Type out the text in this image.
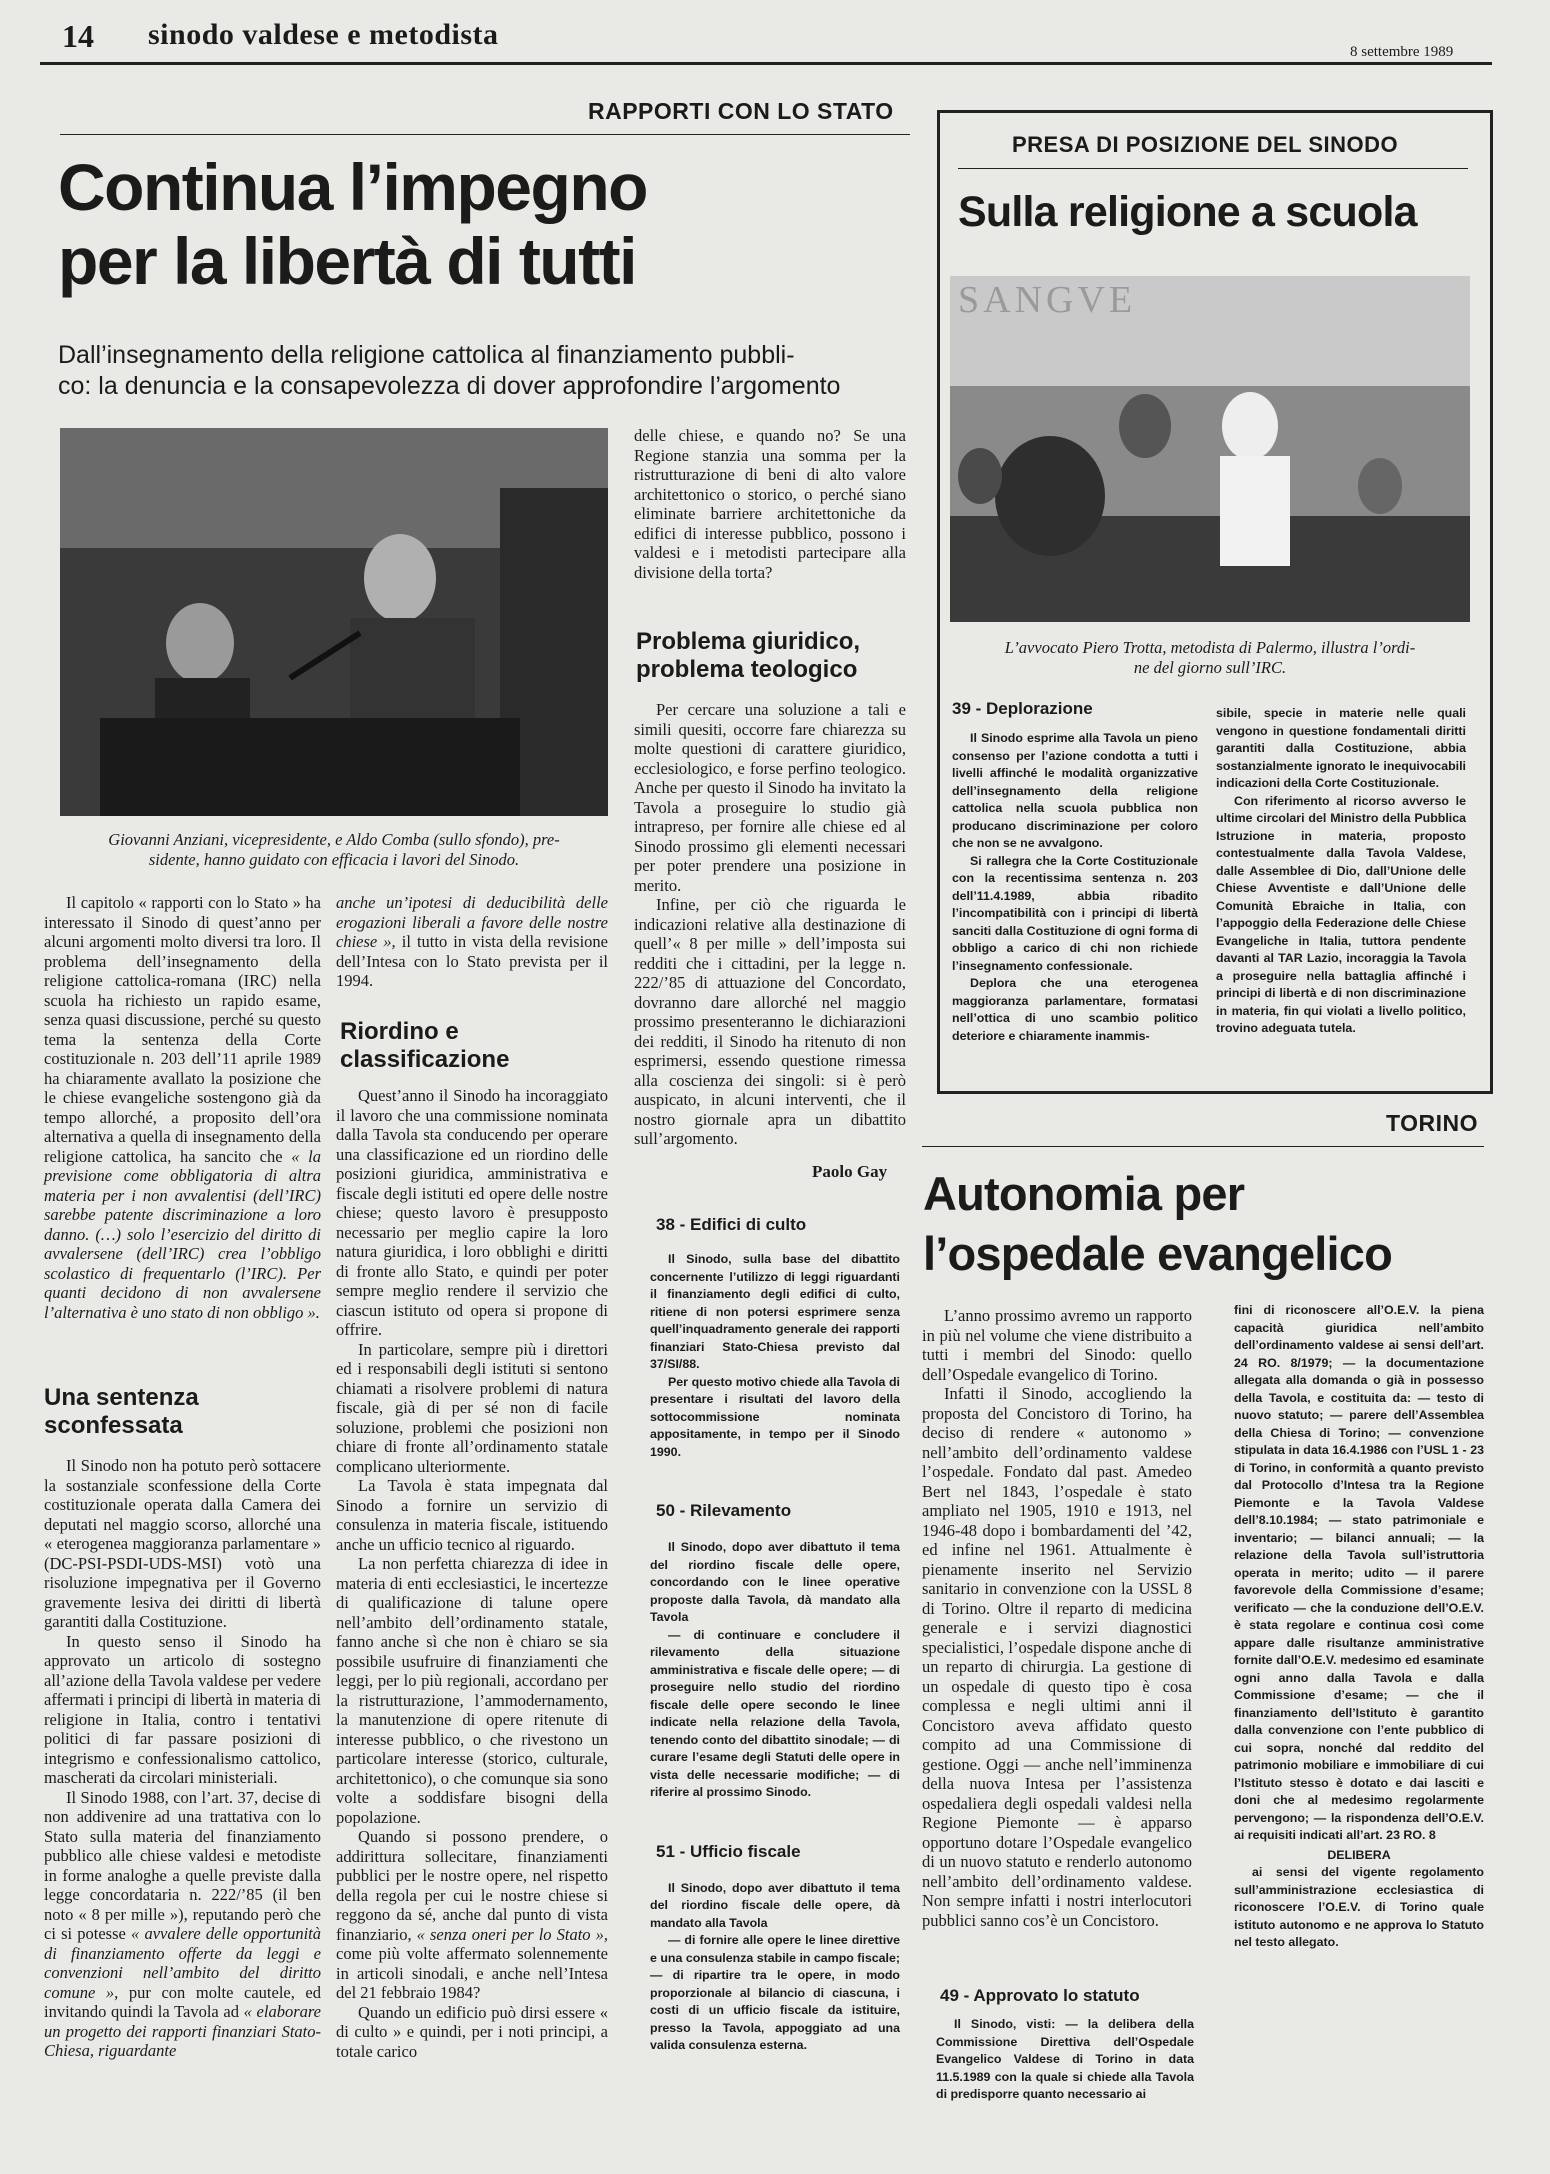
14 sinodo valdese e metodista
8 settembre 1989
RAPPORTI CON LO STATO
Continua l’impegno
per la libertà di tutti
Dall’insegnamento della religione cattolica al finanziamento pubbli-
co: la denuncia e la consapevolezza di dover approfondire l’argomento
Giovanni Anziani, vicepresidente, e Aldo Comba (sullo sfondo), pre-
sidente, hanno guidato con efficacia i lavori del Sinodo.

Il capitolo « rapporti con lo Stato » ha interessato il Sinodo di quest’anno per alcuni argomenti molto diversi tra loro. Il problema dell’insegnamento della religione cattolica-romana (IRC) nella scuola ha richiesto un rapido esame, senza quasi discussione, perché su questo tema la sentenza della Corte costituzionale n. 203 dell’11 aprile 1989 ha chiaramente avallato la posizione che le chiese evangeliche sostengono già da tempo allorché, a proposito dell’ora alternativa a quella di insegnamento della religione cattolica, ha sancito che « la previsione come obbligatoria di altra materia per i non avvalentisi (dell’IRC) sarebbe patente discriminazione a loro danno. (…) solo l’esercizio del diritto di avvalersene (dell’IRC) crea l’obbligo scolastico di frequentarlo (l’IRC). Per quanti decidono di non avvalersene l’alternativa è uno stato di non obbligo ».

Una sentenza sconfessata

Il Sinodo non ha potuto però sottacere la sostanziale sconfessione della Corte costituzionale operata dalla Camera dei deputati nel maggio scorso, allorché una « eterogenea maggioranza parlamentare » (DC-PSI-PSDI-UDS-MSI) votò una risoluzione impegnativa per il Governo gravemente lesiva dei diritti di libertà garantiti dalla Costituzione.

In questo senso il Sinodo ha approvato un articolo di sostegno all’azione della Tavola valdese per vedere affermati i principi di libertà in materia di religione in Italia, contro i tentativi politici di far passare posizioni di integrismo e confessionalismo cattolico, mascherati da circolari ministeriali.

Il Sinodo 1988, con l’art. 37, decise di non addivenire ad una trattativa con lo Stato sulla materia del finanziamento pubblico alle chiese valdesi e metodiste in forme analoghe a quelle previste dalla legge concordataria n. 222/’85 (il ben noto « 8 per mille »), reputando però che ci si potesse « avvalere delle opportunità di finanziamento offerte da leggi e convenzioni nell’ambito del diritto comune », pur con molte cautele, ed invitando quindi la Tavola ad « elaborare un progetto dei rapporti finanziari Stato-Chiesa, riguardante

anche un’ipotesi di deducibilità delle erogazioni liberali a favore delle nostre chiese », il tutto in vista della revisione dell’Intesa con lo Stato prevista per il 1994.

Riordino e classificazione

Quest’anno il Sinodo ha incoraggiato il lavoro che una commissione nominata dalla Tavola sta conducendo per operare una classificazione ed un riordino delle posizioni giuridica, amministrativa e fiscale degli istituti ed opere delle nostre chiese; questo lavoro è presupposto necessario per meglio capire la loro natura giuridica, i loro obblighi e diritti di fronte allo Stato, e quindi per poter sempre meglio rendere il servizio che ciascun istituto od opera si propone di offrire.

In particolare, sempre più i direttori ed i responsabili degli istituti si sentono chiamati a risolvere problemi di natura fiscale, già di per sé non di facile soluzione, problemi che posizioni non chiare di fronte all’ordinamento statale complicano ulteriormente.

La Tavola è stata impegnata dal Sinodo a fornire un servizio di consulenza in materia fiscale, istituendo anche un ufficio tecnico al riguardo.

La non perfetta chiarezza di idee in materia di enti ecclesiastici, le incertezze di qualificazione di talune opere nell’ambito dell’ordinamento statale, fanno anche sì che non è chiaro se sia possibile usufruire di finanziamenti che leggi, per lo più regionali, accordano per la ristrutturazione, l’ammodernamento, la manutenzione di opere ritenute di interesse pubblico, o che rivestono un particolare interesse (storico, culturale, architettonico), o che comunque sia sono volte a soddisfare bisogni della popolazione.

Quando si possono prendere, o addirittura sollecitare, finanziamenti pubblici per le nostre opere, nel rispetto della regola per cui le nostre chiese si reggono da sé, anche dal punto di vista finanziario, « senza oneri per lo Stato », come più volte affermato solennemente in articoli sinodali, e anche nell’Intesa del 21 febbraio 1984?

Quando un edificio può dirsi essere « di culto » e quindi, per i noti principi, a totale carico

delle chiese, e quando no? Se una Regione stanzia una somma per la ristrutturazione di beni di alto valore architettonico o storico, o perché siano eliminate barriere architettoniche da edifici di interesse pubblico, possono i valdesi e i metodisti partecipare alla divisione della torta?

Problema giuridico, problema teologico

Per cercare una soluzione a tali e simili quesiti, occorre fare chiarezza su molte questioni di carattere giuridico, ecclesiologico, e forse perfino teologico. Anche per questo il Sinodo ha invitato la Tavola a proseguire lo studio già intrapreso, per fornire alle chiese ed al Sinodo prossimo gli elementi necessari per poter prendere una posizione in merito.

Infine, per ciò che riguarda le indicazioni relative alla destinazione di quell’« 8 per mille » dell’imposta sui redditi che i cittadini, per la legge n. 222/’85 di attuazione del Concordato, dovranno dare allorché nel maggio prossimo presenteranno le dichiarazioni dei redditi, il Sinodo ha ritenuto di non esprimersi, essendo questione rimessa alla coscienza dei singoli: si è però auspicato, in alcuni interventi, che il nostro giornale apra un dibattito sull’argomento.

Paolo Gay
38 - Edifici di culto

Il Sinodo, sulla base del dibattito concernente l’utilizzo di leggi riguardanti il finanziamento degli edifici di culto, ritiene di non potersi esprimere senza quell’inquadramento generale dei rapporti finanziari Stato-Chiesa previsto dal 37/SI/88.

Per questo motivo chiede alla Tavola di presentare i risultati del lavoro della sottocommissione nominata appositamente, in tempo per il Sinodo 1990.

50 - Rilevamento

Il Sinodo, dopo aver dibattuto il tema del riordino fiscale delle opere, concordando con le linee operative proposte dalla Tavola, dà mandato alla Tavola

— di continuare e concludere il rilevamento della situazione amministrativa e fiscale delle opere; — di proseguire nello studio del riordino fiscale delle opere secondo le linee indicate nella relazione della Tavola, tenendo conto del dibattito sinodale; — di curare l’esame degli Statuti delle opere in vista delle necessarie modifiche; — di riferire al prossimo Sinodo.

51 - Ufficio fiscale

Il Sinodo, dopo aver dibattuto il tema del riordino fiscale delle opere, dà mandato alla Tavola

— di fornire alle opere le linee direttive e una consulenza stabile in campo fiscale; — di ripartire tra le opere, in modo proporzionale al bilancio di ciascuna, i costi di un ufficio fiscale da istituire, presso la Tavola, appoggiato ad una valida consulenza esterna.

PRESA DI POSIZIONE DEL SINODO
Sulla religione a scuola
SANGVE
L’avvocato Piero Trotta, metodista di Palermo, illustra l’ordi-
ne del giorno sull’IRC.
39 - Deplorazione

Il Sinodo esprime alla Tavola un pieno consenso per l’azione condotta a tutti i livelli affinché le modalità organizzative dell’insegnamento della religione cattolica nella scuola pubblica non producano discriminazione per coloro che non se ne avvalgono.

Si rallegra che la Corte Costituzionale con la recentissima sentenza n. 203 dell’11.4.1989, abbia ribadito l’incompatibilità con i principi di libertà sanciti dalla Costituzione di ogni forma di obbligo a carico di chi non richiede l’insegnamento confessionale.

Deplora che una eterogenea maggioranza parlamentare, formatasi nell’ottica di uno scambio politico deteriore e chiaramente inammis-

sibile, specie in materie nelle quali vengono in questione fondamentali diritti garantiti dalla Costituzione, abbia sostanzialmente ignorato le inequivocabili indicazioni della Corte Costituzionale.

Con riferimento al ricorso avverso le ultime circolari del Ministro della Pubblica Istruzione in materia, proposto contestualmente dalla Tavola Valdese, dalle Assemblee di Dio, dall’Unione delle Chiese Avventiste e dall’Unione delle Comunità Ebraiche in Italia, con l’appoggio della Federazione delle Chiese Evangeliche in Italia, tuttora pendente davanti al TAR Lazio, incoraggia la Tavola a proseguire nella battaglia affinché i principi di libertà e di non discriminazione in materia, fin qui violati a livello politico, trovino adeguata tutela.

TORINO
Autonomia per
l’ospedale evangelico

L’anno prossimo avremo un rapporto in più nel volume che viene distribuito a tutti i membri del Sinodo: quello dell’Ospedale evangelico di Torino.

Infatti il Sinodo, accogliendo la proposta del Concistoro di Torino, ha deciso di rendere « autonomo » nell’ambito dell’ordinamento valdese l’ospedale. Fondato dal past. Amedeo Bert nel 1843, l’ospedale è stato ampliato nel 1905, 1910 e 1913, nel 1946-48 dopo i bombardamenti del ’42, ed infine nel 1961. Attualmente è pienamente inserito nel Servizio sanitario in convenzione con la USSL 8 di Torino. Oltre il reparto di medicina generale e i servizi diagnostici specialistici, l’ospedale dispone anche di un reparto di chirurgia. La gestione di un ospedale di questo tipo è cosa complessa e negli ultimi anni il Concistoro aveva affidato questo compito ad una Commissione di gestione. Oggi — anche nell’imminenza della nuova Intesa per l’assistenza ospedaliera degli ospedali valdesi nella Regione Piemonte — è apparso opportuno dotare l’Ospedale evangelico di un nuovo statuto e renderlo autonomo nell’ambito dell’ordinamento valdese. Non sempre infatti i nostri interlocutori pubblici sanno cos’è un Concistoro.

49 - Approvato lo statuto

Il Sinodo, visti: — la delibera della Commissione Direttiva dell’Ospedale Evangelico Valdese di Torino in data 11.5.1989 con la quale si chiede alla Tavola di predisporre quanto necessario ai

fini di riconoscere all’O.E.V. la piena capacità giuridica nell’ambito dell’ordinamento valdese ai sensi dell’art. 24 RO. 8/1979; — la documentazione allegata alla domanda o già in possesso della Tavola, e costituita da: — testo di nuovo statuto; — parere dell’Assemblea della Chiesa di Torino; — convenzione stipulata in data 16.4.1986 con l’USL 1 - 23 di Torino, in conformità a quanto previsto dal Protocollo d’Intesa tra la Regione Piemonte e la Tavola Valdese dell’8.10.1984; — stato patrimoniale e inventario; — bilanci annuali; — la relazione della Tavola sull’istruttoria operata in merito; udito — il parere favorevole della Commissione d’esame; verificato — che la conduzione dell’O.E.V. è stata regolare e continua così come appare dalle risultanze amministrative fornite dall’O.E.V. medesimo ed esaminate ogni anno dalla Tavola e dalla Commissione d’esame; — che il finanziamento dell’Istituto è garantito dalla convenzione con l’ente pubblico di cui sopra, nonché dal reddito del patrimonio mobiliare e immobiliare di cui l’Istituto stesso è dotato e dai lasciti e doni che al medesimo regolarmente pervengono; — la rispondenza dell’O.E.V. ai requisiti indicati all’art. 23 RO. 8

DELIBERA

ai sensi del vigente regolamento sull’amministrazione ecclesiastica di riconoscere l’O.E.V. di Torino quale istituto autonomo e ne approva lo Statuto nel testo allegato.
